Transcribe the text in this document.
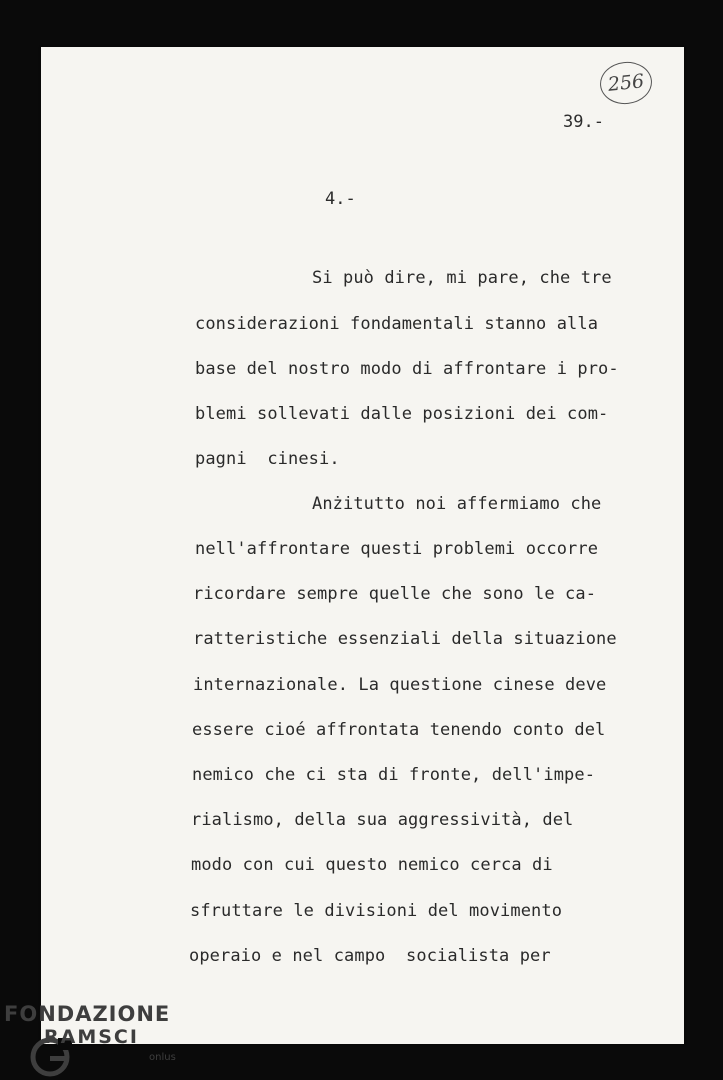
256
39.-
4.-
Si può dire, mi pare, che tre
considerazioni fondamentali stanno alla
base del nostro modo di affrontare i pro-
blemi sollevati dalle posizioni dei com-
pagni  cinesi.
Anżitutto noi affermiamo che
nell'affrontare questi problemi occorre
ricordare sempre quelle che sono le ca-
ratteristiche essenziali della situazione
internazionale. La questione cinese deve
essere cioé affrontata tenendo conto del
nemico che ci sta di fronte, dell'impe-
rialismo, della sua aggressività, del
modo con cui questo nemico cerca di
sfruttare le divisioni del movimento
operaio e nel campo  socialista per
FONDAZIONE
RAMSCI
onlus
